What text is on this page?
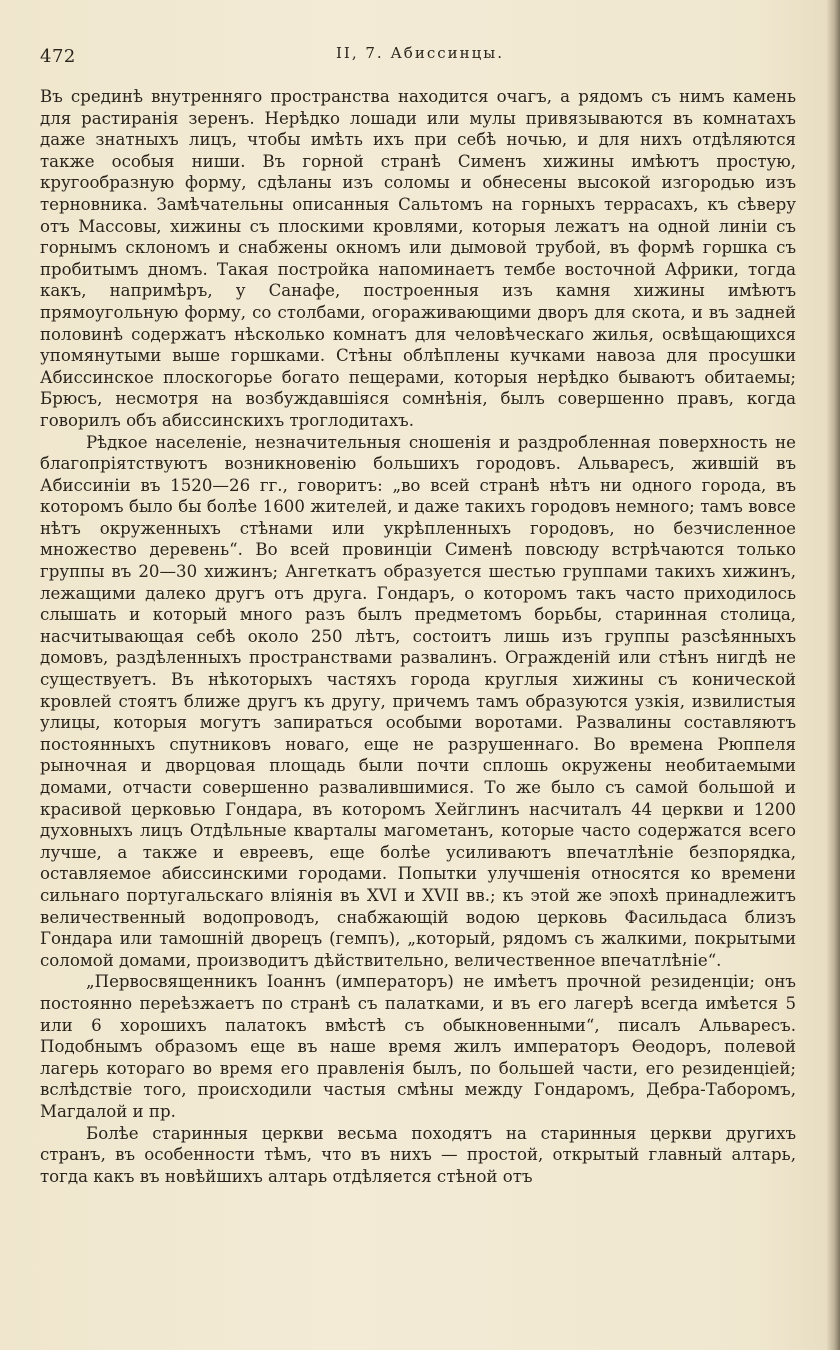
472	II, 7. Абиссинцы.

Въ срединѣ внутренняго пространства находится очагъ, а рядомъ съ нимъ камень для растиранія зеренъ. Нерѣдко лошади или мулы привязываются въ комнатахъ даже знатныхъ лицъ, чтобы имѣть ихъ при себѣ ночью, и для нихъ отдѣляются также особыя ниши. Въ горной странѣ Сименъ хижины имѣютъ простую, кругообразную форму, сдѣланы изъ соломы и обнесены высокой изгородью изъ терновника. Замѣчательны описанныя Сальтомъ на горныхъ террасахъ, къ сѣверу отъ Массовы, хижины съ плоскими кровлями, которыя лежатъ на одной линіи съ горнымъ склономъ и снабжены окномъ или дымовой трубой, въ формѣ горшка съ пробитымъ дномъ. Такая постройка напоминаетъ тембе восточной Африки, тогда какъ, напримѣръ, у Санафе, построенныя изъ камня хижины имѣютъ прямоугольную форму, со столбами, огораживающими дворъ для скота, и въ задней половинѣ содержатъ нѣсколько комнатъ для человѣческаго жилья, освѣщающихся упомянутыми выше горшками. Стѣны облѣплены кучками навоза для просушки Абиссинское плоскогорье богато пещерами, которыя нерѣдко бываютъ обитаемы; Брюсъ, несмотря на возбуждавшіяся сомнѣнія, былъ совершенно правъ, когда говорилъ объ абиссинскихъ троглодитахъ.

Рѣдкое населеніе, незначительныя сношенія и раздробленная поверхность не благопріятствуютъ возникновенію большихъ городовъ. Альваресъ, жившій въ Абиссиніи въ 1520—26 гг., говоритъ: „во всей странѣ нѣтъ ни одного города, въ которомъ было бы болѣе 1600 жителей, и даже такихъ городовъ немного; тамъ вовсе нѣтъ окруженныхъ стѣнами или укрѣпленныхъ городовъ, но безчисленное множество деревень“. Во всей провинціи Сименѣ повсюду встрѣчаются только группы въ 20—30 хижинъ; Ангеткатъ образуется шестью группами такихъ хижинъ, лежащими далеко другъ отъ друга. Гондаръ, о которомъ такъ часто приходилось слышать и который много разъ былъ предметомъ борьбы, старинная столица, насчитывающая себѣ около 250 лѣтъ, состоитъ лишь изъ группы разсѣянныхъ домовъ, раздѣленныхъ пространствами развалинъ. Ограждeній или стѣнъ нигдѣ не существуетъ. Въ нѣкоторыхъ частяхъ города круглыя хижины съ конической кровлей стоятъ ближе другъ къ другу, причемъ тамъ образуются узкія, извилистыя улицы, которыя могутъ запираться особыми воротами. Развалины составляютъ постоянныхъ спутниковъ новаго, еще не разрушеннаго. Во времена Рюппеля рыночная и дворцовая площадь были почти сплошь окружены необитаемыми домами, отчасти совершенно развалившимися. То же было съ самой большой и красивой церковью Гондара, въ которомъ Хейглинъ насчиталъ 44 церкви и 1200 духовныхъ лицъ Отдѣльные кварталы магометанъ, которые часто содержатся всего лучше, а также и евреевъ, еще болѣе усиливаютъ впечатлѣніе безпорядка, оставляемое абиссинскими городами. Попытки улучшенія относятся ко времени сильнаго португальскаго вліянія въ XVI и XVII вв.; къ этой же эпохѣ принадлежитъ величественный водопроводъ, снабжающій водою церковь Фасильдаса близъ Гондара или тамошній дворецъ (гемпъ), „который, рядомъ съ жалкими, покрытыми соломой домами, производитъ дѣйствительно, величественное впечатлѣніе“.

„Первосвященникъ Іоаннъ (императоръ) не имѣетъ прочной резиденціи; онъ постоянно переѣзжаетъ по странѣ съ палатками, и въ его лагерѣ всегда имѣется 5 или 6 хорошихъ палатокъ вмѣстѣ съ обыкновенными“, писалъ Альваресъ. Подобнымъ образомъ еще въ наше время жилъ императоръ Ѳеодоръ, полевой лагерь котораго во время его правленія былъ, по большей части, его резиденціей; вслѣдствіе того, происходили частыя смѣны между Гондаромъ, Дебра-Таборомъ, Магдалой и пр.

Болѣе старинныя церкви весьма походятъ на старинныя церкви другихъ странъ, въ особенности тѣмъ, что въ нихъ — простой, открытый главный алтарь, тогда какъ въ новѣйшихъ алтарь отдѣляется стѣной отъ
